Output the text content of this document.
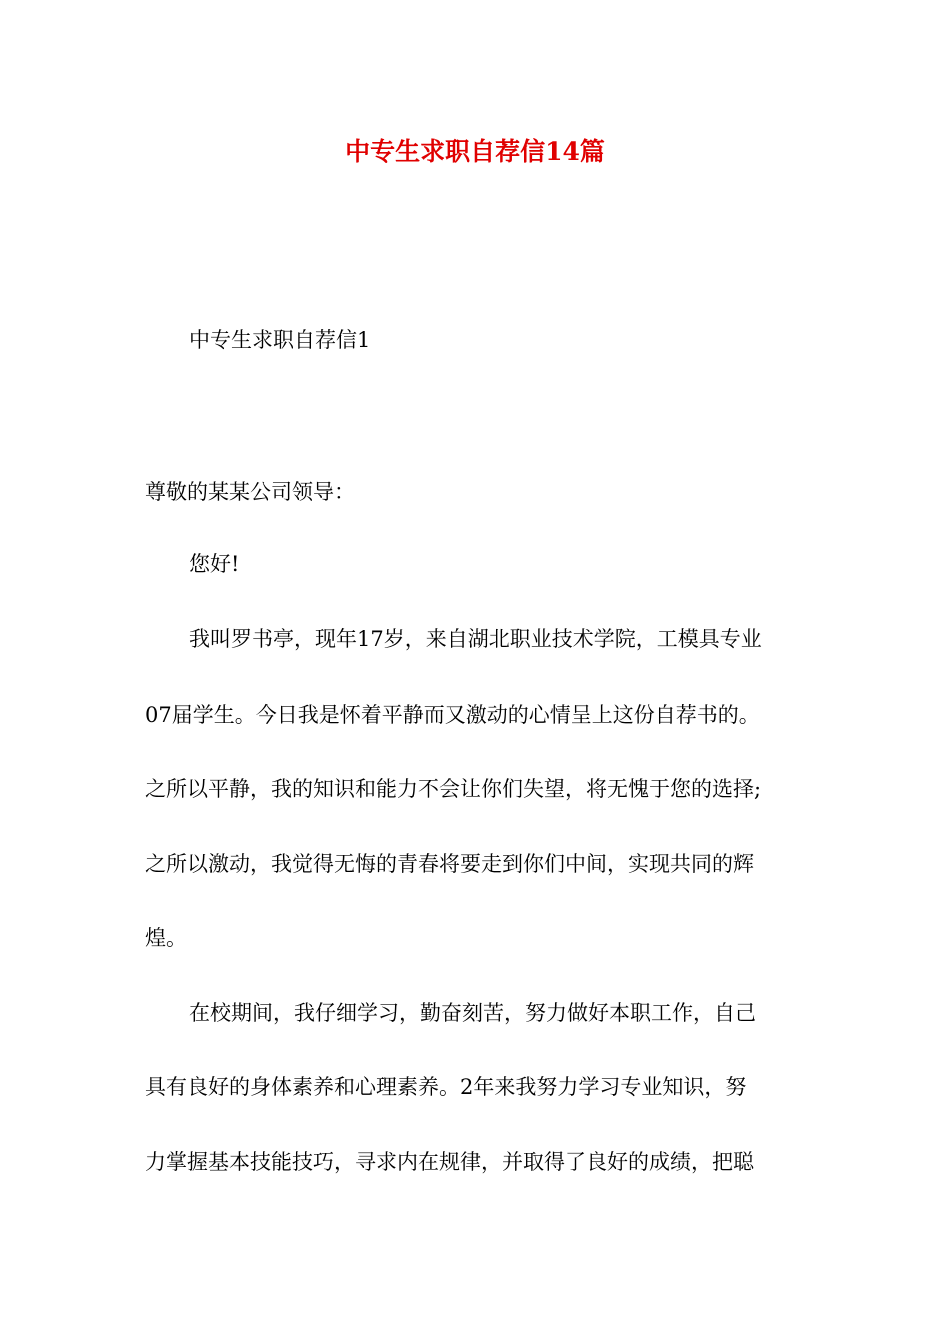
中专生求职自荐信14篇

中专生求职自荐信1

尊敬的某某公司领导：

您好!

我叫罗书亭，现年17岁，来自湖北职业技术学院，工模具专业

07届学生。今日我是怀着平静而又激动的心情呈上这份自荐书的。

之所以平静，我的知识和能力不会让你们失望，将无愧于您的选择;

之所以激动，我觉得无悔的青春将要走到你们中间，实现共同的辉

煌。

在校期间，我仔细学习，勤奋刻苦，努力做好本职工作，自己

具有良好的身体素养和心理素养。2年来我努力学习专业知识，努

力掌握基本技能技巧，寻求内在规律，并取得了良好的成绩，把聪
